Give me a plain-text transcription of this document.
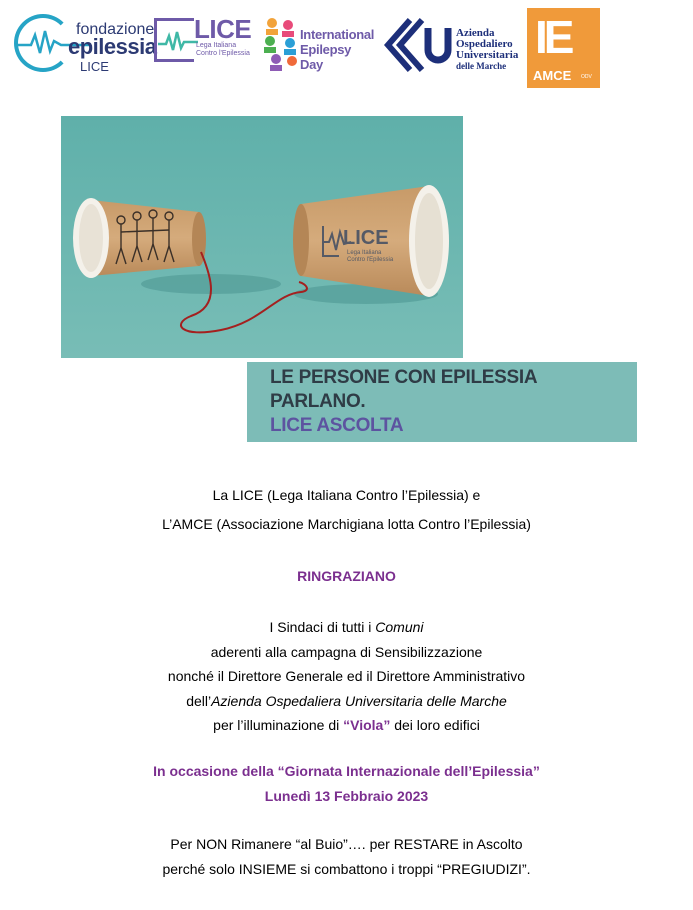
fondazione
epilessia
LICE
LICE
Lega Italiana
Contro l'Epilessia
International
Epilepsy Day
Azienda
Ospedaliero
Universitaria
delle Marche
IE
AMCE ODV
LICE
Lega Italiana
Contro l'Epilessia
LE PERSONE CON EPILESSIA
PARLANO.
LICE ASCOLTA

La LICE (Lega Italiana Contro l’Epilessia) e

L’AMCE (Associazione Marchigiana lotta Contro l’Epilessia)

RINGRAZIANO

I Sindaci di tutti i Comuni

aderenti alla campagna di Sensibilizzazione

nonché il Direttore Generale ed il Direttore Amministrativo

dell’Azienda Ospedaliera Universitaria delle Marche

per l’illuminazione di “Viola” dei loro edifici

In occasione della “Giornata Internazionale dell’Epilessia”

Lunedì 13 Febbraio 2023

Per NON Rimanere “al Buio”…. per RESTARE in Ascolto

perché solo INSIEME si combattono i troppi “PREGIUDIZI”.
